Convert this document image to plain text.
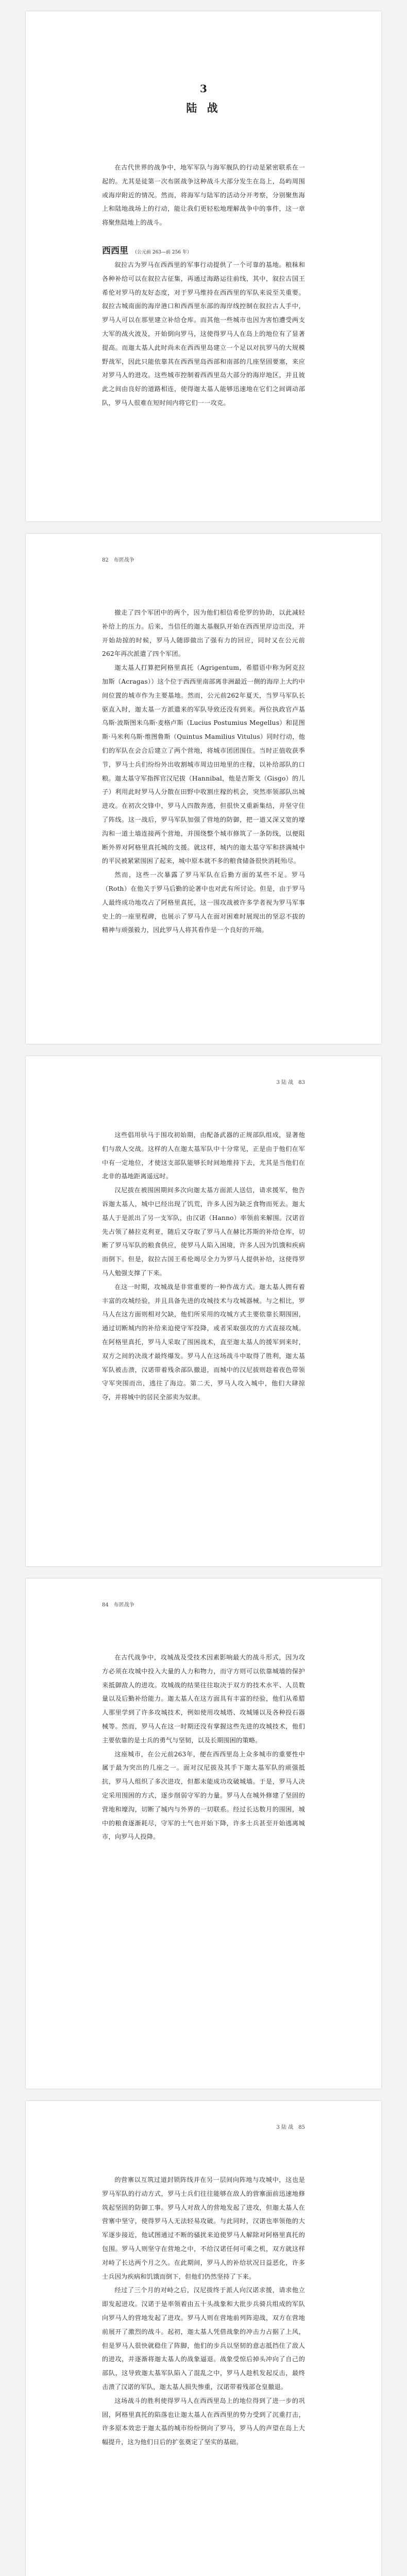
3
陆 战

在古代世界的战争中，地军军队与海军舰队的行动是紧密联系在一起的。尤其是徒第一次布匿战争这种战斗大部分发生在岛上，岛屿周围或海岸附近的情况。然而，将海军与陆军的活动分开考察，分别聚焦海上和陆地战场上的行动，能让我们更轻松地理解战争中的事件，这一章将聚焦陆地上的战斗。

西西里 （公元前 263—前 256 年）

叙拉古为罗马在西西里的军事行动提供了一个可靠的基地。粮秣和各种补给可以在叙拉古征集，再通过海路运往前线，其中，叙拉古国王希伦对罗马的友好态度，对于罗马维持在西西里的军队来说至关重要。叙拉古城南面的海岸港口和西西里东部的海岸线控制在叙拉古人手中，罗马人可以在那里建立补给仓库。而其他一些城市也因为害怕遭受两支大军的战火波及，开始倒向罗马，这使得罗马人在岛上的地位有了显著提高。而迦太基人此时尚未在西西里岛建立一个足以对抗罗马的大规模野战军，因此只能依靠其在西西里岛西部和南部的几座坚固要塞，来应对罗马人的进攻。这些城市控制着西西里岛大部分的海岸地区，并且彼此之间由良好的道路相连，使得迦太基人能够迅速地在它们之间调动部队，罗马人很难在短时间内将它们一一攻克。

82　 布匿战争

撤走了四个军团中的两个，因为他们相信希伦罗的协助，以此减轻补给上的压力。后来，当信任的迦太基舰队开始在西西里岸边出没，并开始劫掠的时候，罗马人随即做出了强有力的回应，同时又在公元前262年再次派遣了四个军团。

迦太基人打算把阿格里真托（Agrigentum，希腊语中称为阿克拉加斯（Acragas））这个位于西西里南部离非洲最近一侧的海岸上大约中间位置的城市作为主要基地。然而，公元前262年夏天，当罗马军队长驱直入时，迦太基一方派遣来的军队导致还没有到来。两位执政官卢基乌斯·波斯图米乌斯·麦格卢斯（Lucius Postumius Megellus）和昆图斯·马米利乌斯·维图鲁斯（Quintus Mamilius Vitulus）同时行动，他们的军队在会合后建立了两个营地，将城市团团围住。当时正值收获季节，罗马士兵们纷纷外出收割城市周边田地里的庄稼，以补给部队的口粮。迦太基守军指挥官汉尼拔（Hannibal，他是吉斯戈（Gisgo）的儿子）利用此时罗马人分散在田野中收割庄稼的机会，突然率领部队出城进攻。在初次交锋中，罗马人四散奔逃，但很快又重新集结，并坚守住了阵线。这一战后，罗马军队加强了营地的防御，把一道又深又宽的壕沟和一道土墙连接两个营地，并围绕整个城市修筑了一条防线，以便阻断外界对阿格里真托城的支援。就这样，城内的迦太基守军和挤满城中的平民被紧紧围困了起来，城中原本就不多的粮食储备很快消耗殆尽。

然而，这些一次暴露了罗马军队在后勤方面的某些不足。罗马（Roth）在他关于罗马后勤的论著中也对此有所讨论。但是，由于罗马人最终成功地攻占了阿格里真托，这一围攻战被许多学者视为罗马军事史上的一座里程碑，也展示了罗马人在面对困难时展现出的坚忍不拔的精神与顽强毅力，因此罗马人将其看作是一个良好的开端。

3 陆 战　 83

这些倡用驮马于围攻初始期，由配备武器的正规部队组成，显著他们与敌人交战。这样的人在迦太基军队中十分常见，正是由于他们在军中有一定地位，才使这支部队能够长时间地维持下去，尤其是当他们在北非的基地距离遥远时。

汉尼拔在被围困期间多次向迦太基方面派人送信，请求援军，他告诉迦太基人，城中已经出现了饥荒，许多人因为缺乏食物而死去。迦太基人于是派出了另一支军队，由汉诺（Hanno）率领前来解围。汉诺首先占领了赫拉克利亚，随后又夺取了罗马人在赫比苏斯的补给仓库，切断了罗马军队的粮食供应，使罗马人陷入困境，许多人因为饥饿和疾病而倒下。但是，叙拉古国王希伦竭尽全力为罗马人提供补给，这使得罗马人勉强支撑了下来。

在这一时期，攻城战是非常重要的一种作战方式。迦太基人拥有着丰富的攻城经验，并且具备先进的攻城技术与攻城器械。与之相比，罗马人在这方面则相对欠缺，他们所采用的攻城方式主要依靠长期围困，通过切断城内的补给来迫使守军投降，或者采取强攻的方式直接攻城。在阿格里真托，罗马人采取了围困战术，直至迦太基人的援军到来时，双方之间的决战才最终爆发。罗马人在这场战斗中取得了胜利，迦太基军队被击溃，汉诺带着残余部队撤退，而城中的汉尼拔则趁着夜色带领守军突围而出，逃往了海边。第二天，罗马人攻入城中，他们大肆掠夺，并将城中的居民全部卖为奴隶。

84　 布匿战争

在古代战争中，攻城战及受技术因素影响最大的战斗形式，因为攻方必须在攻城中投入大量的人力和物力，而守方则可以依靠城墙的保护来抵御敌人的进攻。攻城战的结果往往取决于双方的技术水平、人员数量以及后勤补给能力。迦太基人在这方面具有丰富的经验，他们从希腊人那里学到了许多攻城技术，例如使用攻城塔、攻城锤以及各种投石器械等。然而，罗马人在这一时期还没有掌握这些先进的攻城技术，他们主要依靠的是士兵的勇气与坚韧，以及长期围困的策略。

这座城市，在公元前263年，便在西西里岛上众多城市的重要性中属于最为突出的几座之一。面对汉尼拔及其手下迦太基军队的顽强抵抗，罗马人组织了多次进攻，但都未能成功攻破城墙。于是，罗马人决定采用围困的方式，逐步削弱守军的力量。罗马人在城外修建了坚固的营地和壕沟，切断了城内与外界的一切联系。经过长达数月的围困，城中的粮食逐渐耗尽，守军的士气也开始下降，许多士兵甚至开始逃离城市，向罗马人投降。

3 陆 战　 85

的营寨以互筑过道封锁阵线并在另一层间向阵地与攻城中，这也是罗马军队的行动方式，罗马士兵们往往能够在敌人的营寨面前迅速地修筑起坚固的防御工事。罗马人对敌人的营地发起了进攻，但迦太基人在营寨中坚守，使得罗马人无法轻易攻破。与此同时，汉诺也率领他的大军逐步接近，他试图通过不断的骚扰来迫使罗马人解除对阿格里真托的包围。罗马人则坚守在营地之中，不给汉诺任何可乘之机，双方就这样对峙了长达两个月之久。在此期间，罗马人的补给状况日益恶化，许多士兵因为疾病和饥饿而倒下，但他们仍然坚持了下来。

经过了三个月的对峙之后，汉尼拔终于派人向汉诺求援，请求他立即发起进攻。汉诺于是率领着由五十头战象和大批步兵骑兵组成的军队向罗马人的营地发起了进攻。罗马人则在营地前列阵迎战，双方在营地前展开了激烈的战斗。起初，迦太基人凭借战象的冲击力占据了上风，但是罗马人很快就稳住了阵脚，他们的步兵以坚韧的意志抵挡住了敌人的进攻，并逐渐将迦太基人的战象逼退。战象受惊后掉头冲向了自己的部队，这导致迦太基军队陷入了混乱之中，罗马人趁机发起反击，最终击溃了汉诺的军队，迦太基人损失惨重，汉诺带着残部仓皇撤退。

这场战斗的胜利使得罗马人在西西里岛上的地位得到了进一步的巩固，阿格里真托的陷落也让迦太基人在西西里的势力受到了沉重打击，许多原本效忠于迦太基的城市纷纷倒向了罗马，罗马人的声望在岛上大幅提升，这为他们日后的扩张奠定了坚实的基础。
